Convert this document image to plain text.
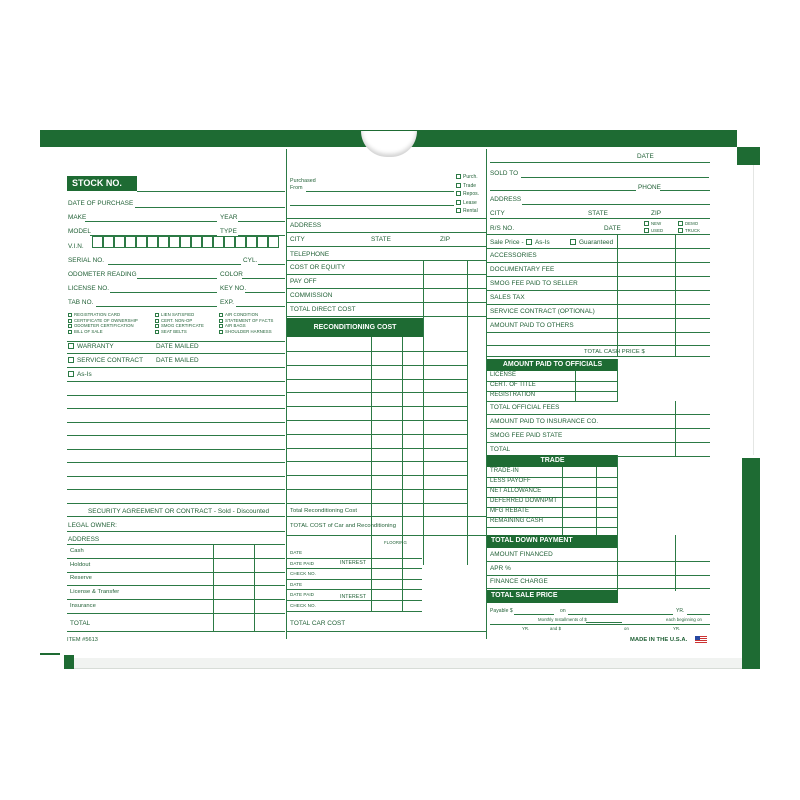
STOCK NO.
DATE OF PURCHASE
MAKE	YEAR
MODEL	TYPE
V.I.N.
SERIAL NO.	CYL.
ODOMETER READING	COLOR
LICENSE NO.	KEY NO.
TAB NO.	EXP.
REGISTRATION CARD	LIEN SATISFIED	AIR CONDITION
CERTIFICATE OF OWNERSHIP	CERT. NON-OP	STATEMENT OF FACTS
ODOMETER CERTIFICATION	SMOG CERTIFICATE	AIR BAGS
BILL OF SALE	SEAT BELTS	SHOULDER HARNESS
WARRANTY	DATE MAILED
SERVICE CONTRACT DATE MAILED
As-Is
SECURITY AGREEMENT OR CONTRACT - Sold - Discounted
LEGAL OWNER:
ADDRESS
Cash
Holdout
Reserve
License & Transfer
Insurance
TOTAL
ITEM #5613
Purchased
From
Purch.
Trade
Repos.
Lease
Rental
ADDRESS
CITY	STATE	ZIP
TELEPHONE
COST OR EQUITY
PAY OFF
COMMISSION
TOTAL DIRECT COST
RECONDITIONING COST
Total Reconditioning Cost
TOTAL COST of Car and Reconditioning
FLOORING
DATE
DATE PAID
CHECK NO.
DATE
DATE PAID
CHECK NO.
INTEREST
INTEREST
TOTAL CAR COST
DATE
SOLD TO
PHONE
ADDRESS
CITY	STATE	ZIP
R/S NO.	DATE
NEW
USED
DEMO
TRUCK
Sale Price -	As-Is	Guaranteed
ACCESSORIES
DOCUMENTARY FEE
SMOG FEE PAID TO SELLER
SALES TAX
SERVICE CONTRACT (OPTIONAL)
AMOUNT PAID TO OTHERS
TOTAL CASH PRICE $
AMOUNT PAID TO OFFICIALS
LICENSE
CERT. OF TITLE
REGISTRATION
TOTAL OFFICIAL FEES
AMOUNT PAID TO INSURANCE CO.
SMOG FEE PAID STATE
TOTAL
TRADE
TRADE-IN
LESS PAYOFF
NET ALLOWANCE
DEFERRED DOWNPMT
MFG REBATE
REMAINING CASH
TOTAL DOWN PAYMENT
AMOUNT FINANCED
APR %
FINANCE CHARGE
TOTAL SALE PRICE
Payable $	on	YR.
Monthly Installments of $	each beginning on
YR.	and $	on	YR.
MADE IN THE U.S.A.
